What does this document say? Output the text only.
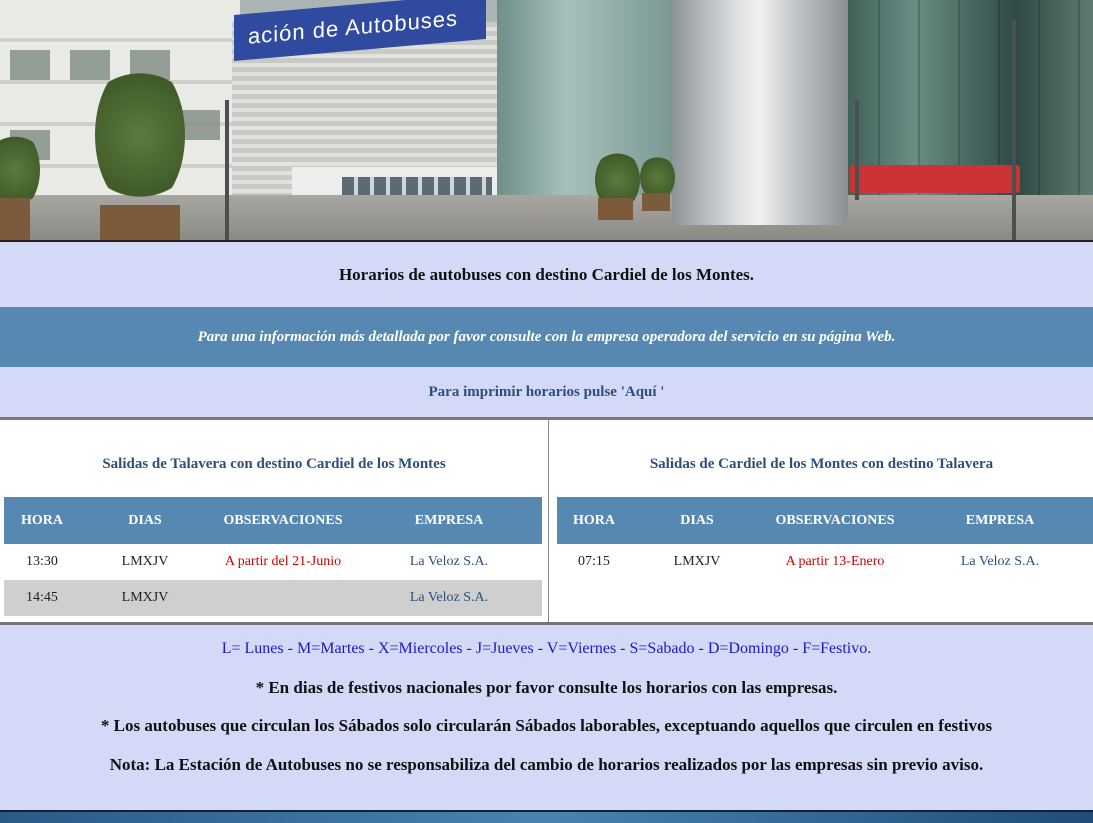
ación de Autobuses
Horarios de autobuses con destino Cardiel de los Montes.
Para una información más detallada por favor consulte con la empresa operadora del servicio en su página Web.
Para imprimir horarios pulse 'Aquí '
Salidas de Talavera con destino Cardiel de los Montes
HORA	DIAS	OBSERVACIONES	EMPRESA
13:30	LMXJV	A partir del 21-Junio	La Veloz S.A.
14:45	LMXJV		La Veloz S.A.
Salidas de Cardiel de los Montes con destino Talavera
HORA	DIAS	OBSERVACIONES	EMPRESA
07:15	LMXJV	A partir 13-Enero	La Veloz S.A.
L= Lunes - M=Martes - X=Miercoles - J=Jueves - V=Viernes - S=Sabado - D=Domingo - F=Festivo.
* En dias de festivos nacionales por favor consulte los horarios con las empresas.
* Los autobuses que circulan los Sábados solo circularán Sábados laborables, exceptuando aquellos que circulen en festivos
Nota: La Estación de Autobuses no se responsabiliza del cambio de horarios realizados por las empresas sin previo aviso.
